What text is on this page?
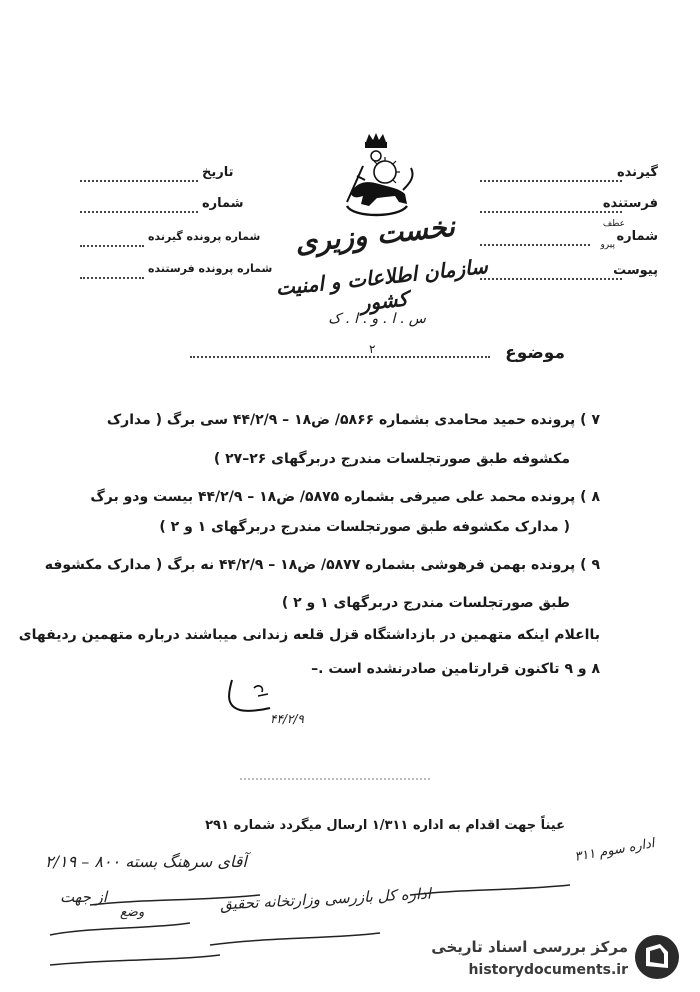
گیرنده
فرستنده
شماره
عطف
پیرو
پیوست
تاریخ
شماره
شماره پرونده گیرنده
شماره پرونده فرستنده
نخست وزیری
سازمان اطلاعات و امنیت کشور
س . ا . و . ا . ک
موضوع
۲
۷ ) پرونده حمید محامدی بشماره ۵۸۶۶/ ض۱۸ – ۴۴/۲/۹ سی برگ ( مدارک
مکشوفه طبق صورتجلسات مندرج دربرگهای ۲۶–۲۷ )
۸ ) پرونده محمد علی صیرفی بشماره ۵۸۷۵/ ض۱۸ – ۴۴/۲/۹ بیست ودو برگ
( مدارک مکشوفه طبق صورتجلسات مندرج دربرگهای ۱ و ۲ )
۹ ) پرونده بهمن فرهوشی بشماره ۵۸۷۷/ ض۱۸ – ۴۴/۲/۹ نه برگ ( مدارک مکشوفه
طبق صورتجلسات مندرج دربرگهای ۱ و ۲ )
بااعلام اینکه متهمین در بازداشتگاه قزل قلعه زندانی میباشند درباره متهمین ردیفهای
۸ و ۹ تاکنون قرارتامین صادرنشده است .–
۴۴/۲/۹
عیناً جهت اقدام به اداره ۱/۳۱۱ ارسال میگردد شماره ۲۹۱
اداره سوم ۳۱۱
آقای سرهنگ بسته ۸۰۰ – ۲/۱۹
اداره کل بازرسی وزارتخانه تحقیق
از جهت
وضع
مرکز بررسی اسناد تاریخی
historydocuments.ir
